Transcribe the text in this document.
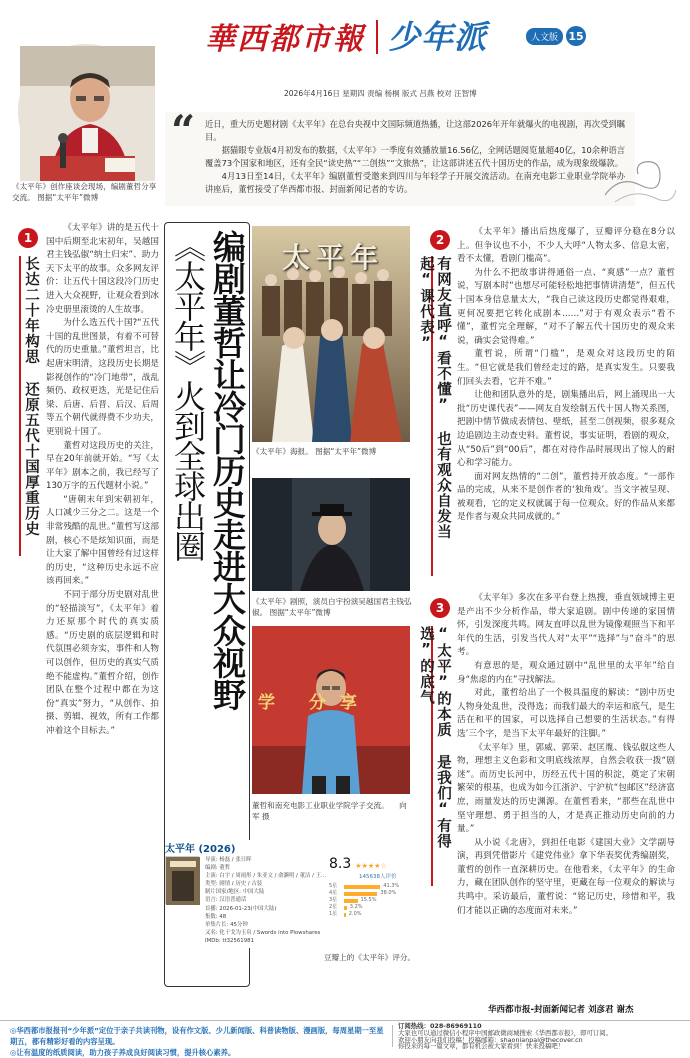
華西都市報 少年派	人文版 15
2026年4月16日 星期四 责编 杨桐 版式 吕燕 校对 汪智博
《太平年》创作座谈会现场，编剧董哲分享交流。 图据“太平年”微博
“ 近日，重大历史题材剧《太平年》在总台央视中文国际频道热播，让这部2026年开年就爆火的电视剧，再次受到瞩目。

据猫眼专业版4月初发布的数据，《太平年》一季度有效播放量16.56亿，全网话题阅览量超40亿，10余种语言覆盖73个国家和地区，还有全民“读史热”“二创热”“文旅热”，让这部讲述五代十国历史的作品，成为现象级爆款。

4月13日至14日，《太平年》编剧董哲受邀来到四川与年轻学子开展交流活动。在南充电影工业职业学院举办讲座后，董哲接受了华西都市报、封面新闻记者的专访。

1
长达二十年构思 还原五代十国厚重历史

《太平年》讲的是五代十国中后期至北宋初年，吴越国君主钱弘俶“纳土归宋”、助力天下太平的故事。众多网友评价：让五代十国这段冷门历史进入大众视野，让观众看到冰冷史册里滚烫的人生故事。

为什么选五代十国?“五代十国的乱世图景，有着不可替代的历史重量。”董哲坦言，比起唐宋明清，这段历史长期是影视创作的“冷门地带”，战乱频仍、政权更迭，光是记住后梁、后唐、后晋、后汉、后周等五个朝代就得费不少功夫，更别说十国了。

董哲对这段历史的关注，早在20年前就开始。“写《太平年》剧本之前，我已经写了130万字的五代题材小说。”

“唐朝末年到宋朝初年，人口减少三分之二。这是一个非常残酷的乱世。”董哲写这部剧，核心不是炫知识面，而是让大家了解中国曾经有过这样的历史，“这种历史永远不应该再回来。”

不同于部分历史剧对乱世的“轻描淡写”，《太平年》着力还原那个时代的真实质感。“历史剧的底层逻辑和时代氛围必须夯实，事件和人物可以创作，但历史的真实气质绝不能虚构。”董哲介绍，创作团队在整个过程中都在为这份“真实”努力，“从创作、拍摄、剪辑、视效，所有工作都冲着这个目标去。”

编剧董哲让冷门历史走进大众视野
《太平年》火到全球出圈	太平年
《太平年》海报。 图据“太平年”微博
《太平年》剧照，演员白宇扮演吴越国君主钱弘俶。 图据“太平年”微博
学 分享
董哲和南充电影工业职业学院学子交流。 向军 摄
太平年 (2026)
导演: 杨磊 / 张日晖
编剧: 董哲
主演: 白宇 / 周雨彤 / 朱亚文 / 俞灏明 / 董洁 / 王...
类型: 剧情 / 历史 / 古装
制片国家/地区: 中国大陆
语言: 汉语普通话
首播: 2026-01-23(中国大陆)
集数: 48
单集片长: 45分钟
又名: 化干戈为玉帛 / Swords into Plowshares
IMDb: tt32561981
8.3 ★★★★☆
145638人评价
5星	41.3%
4星	38.0%
3星	15.5%
2星	3.2%
1星	2.0%
豆瓣上的《太平年》评分。
2
有网友直呼“看不懂” 也有观众自发当起“课代表”

《太平年》播出后热度爆了，豆瓣评分稳在8分以上。但争议也不小，不少人大呼“人物太多、信息太密，看不太懂，看剧门槛高”。

为什么不把故事讲得通俗一点、“爽感”一点？董哲说，写剧本时“也想尽可能轻松地把事情讲清楚”，但五代十国本身信息量太大，“我自己读这段历史都觉得艰难，更何况要把它转化成剧本……”对于有观众表示“看不懂”，董哲完全理解，“对不了解五代十国历史的观众来说，确实会觉得难。”

董哲说，所谓“门槛”，是观众对这段历史的陌生。“但它就是我们曾经走过的路，是真实发生。只要我们回头去看，它并不难。”

让他和团队意外的是，剧集播出后，网上涌现出一大批“历史课代表”——网友自发绘制五代十国人物关系图，把剧中情节做成表情包、壁纸，甚至二创视频，很多观众边追剧边主动查史料。董哲说，事实证明，看剧的观众，从“50后”到“00后”，都在对待作品时展现出了惊人的耐心和学习能力。

面对网友热情的“二创”，董哲持开放态度。“一部作品的完成，从来不是创作者的‘独角戏’。当文字被呈现、被观看，它的定义权就属于每一位观众。好的作品从来都是作者与观众共同成就的。”

3
“太平”的本质 是我们“有得选”的底气

《太平年》多次在多平台登上热搜，垂直领域博主更是产出不少分析作品，带大家追剧。剧中传递的家国情怀，引发深度共鸣。网友直呼以乱世为镜像观照当下和平年代的生活，引发当代人对“太平”“选择”与“奋斗”的思考。

有意思的是，观众通过剧中“乱世里的太平年”给自身“焦虑的内在”寻找解法。

对此，董哲给出了一个极具温度的解读：“剧中历史人物身处乱世，没得选；而我们最大的幸运和底气，是生活在和平的国家，可以选择自己想要的生活状态。”有得选’三个字，是当下太平年最好的注脚。”

《太平年》里，郭威、郭荣、赵匡胤、钱弘俶这些人物，理想主义色彩和文明底线浓厚，自然会收获一拨“剧迷”。而历史长河中，历经五代十国的积淀，奠定了宋朝繁荣的根基，也成为如今江浙沪、宁沪杭“包邮区”经济富庶，雨量发达的历史渊源。在董哲看来，“那些在乱世中坚守理想、勇于担当的人，才是真正推动历史向前的力量。”

从小说《北唐》，到担任电影《建国大业》文学副导演，再到凭借影片《建党伟业》拿下华表奖优秀编剧奖，董哲的创作一直深耕历史。在他看来，《太平年》的生命力，藏在团队创作的坚守里，更藏在每一位观众的解读与共鸣中。采访最后，董哲说：“铭记历史，珍惜和平，我们才能以正确的态度面对未来。”

华西都市报-封面新闻记者 刘彦君 谢杰
◎华西都市报报刊“少年派”定位于亲子共读刊物，设有作文版、少儿新闻版、科普读物版、漫画版，每周星期一至星期五，都有精彩好看的内容呈现。
◎让有温度的纸质阅读，助力孩子养成良好阅读习惯，提升核心素养。
订阅热线：028-86969110
大家也可以通过微信小程序中国邮政微商城搜索《华西都市报》，即可订阅。
欢迎小朋友向我们投稿！投稿邮箱：shaonianpai@thecover.cn
你投来的每一篇文章，都有机会被大家看到！快来投稿吧！
